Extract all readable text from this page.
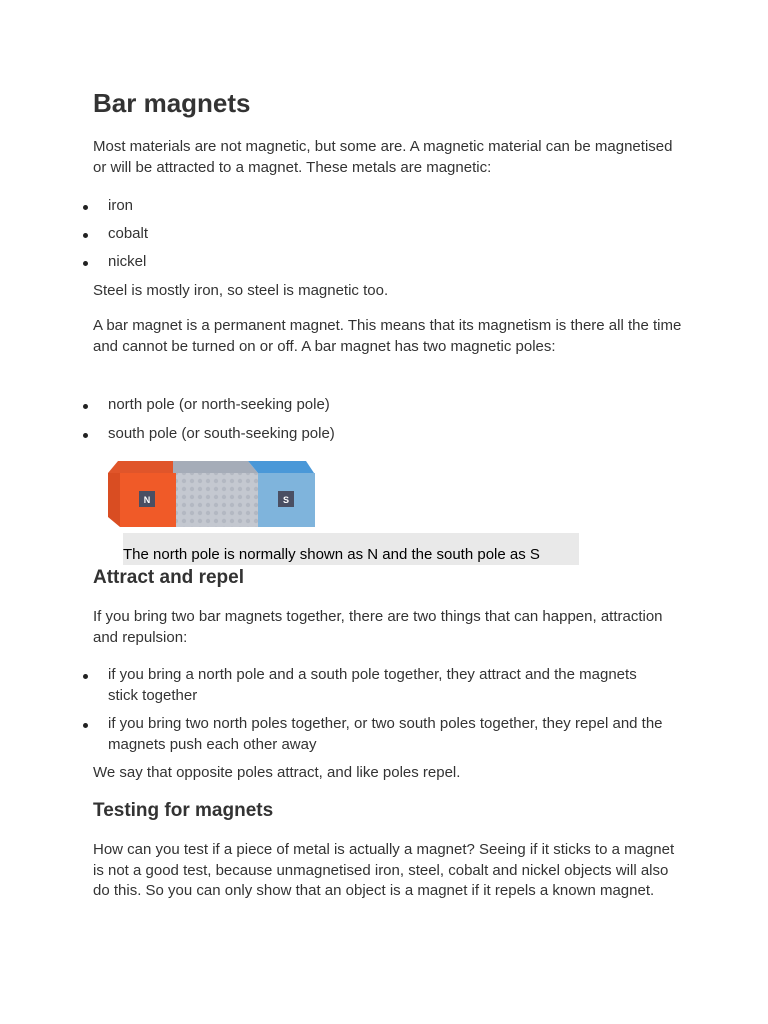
Bar magnets

Most materials are not magnetic, but some are. A magnetic material can be magnetised or will be attracted to a magnet. These metals are magnetic:

iron
cobalt
nickel

Steel is mostly iron, so steel is magnetic too.

A bar magnet is a permanent magnet. This means that its magnetism is there all the time and cannot be turned on or off. A bar magnet has two magnetic poles:

north pole (or north-seeking pole)
south pole (or south-seeking pole)
Attract and repel

If you bring two bar magnets together, there are two things that can happen, attraction and repulsion:

if you bring a north pole and a south pole together, they attract and the magnets stick together
if you bring two north poles together, or two south poles together, they repel and the magnets push each other away

We say that opposite poles attract, and like poles repel.

Testing for magnets

How can you test if a piece of metal is actually a magnet? Seeing if it sticks to a magnet is not a good test, because unmagnetised iron, steel, cobalt and nickel objects will also do this. So you can only show that an object is a magnet if it repels a known magnet.

N	S
The north pole is normally shown as N and the south pole as S
